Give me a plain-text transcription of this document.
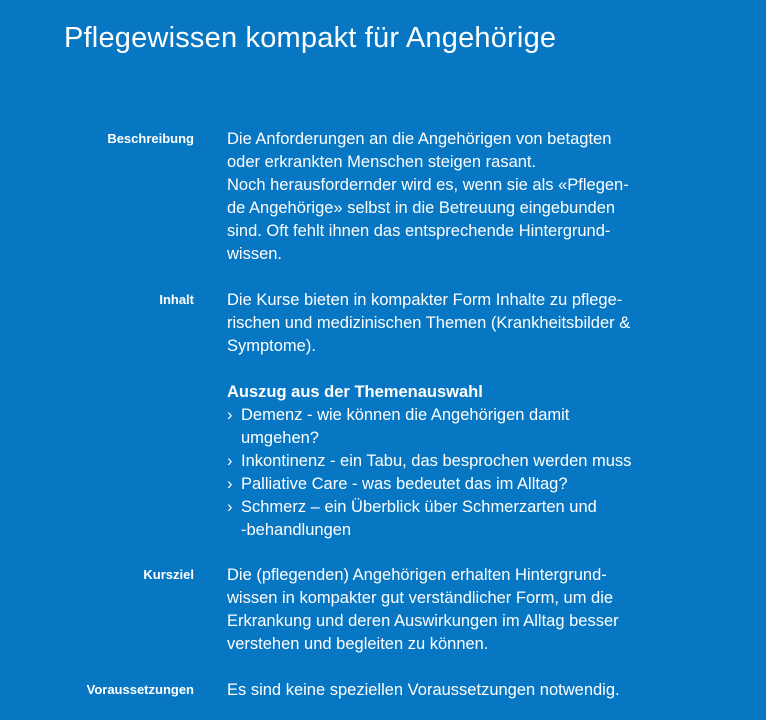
Pflegewissen kompakt für Angehörige
Beschreibung Die Anforderungen an die Angehörigen von betagten
oder erkrankten Menschen steigen rasant.
Noch herausfordernder wird es, wenn sie als «Pflegen-
de Angehörige» selbst in die Betreuung eingebunden
sind. Oft fehlt ihnen das entsprechende Hintergrund-
wissen.
Inhalt Die Kurse bieten in kompakter Form Inhalte zu pflege-
rischen und medizinischen Themen (Krankheitsbilder &
Symptome).
Auszug aus der Themenauswahl
› Demenz - wie können die Angehörigen damit
umgehen?
› Inkontinenz - ein Tabu, das besprochen werden muss
› Palliative Care - was bedeutet das im Alltag?
› Schmerz – ein Überblick über Schmerzarten und
-behandlungen
Kursziel Die (pflegenden) Angehörigen erhalten Hintergrund-
wissen in kompakter gut verständlicher Form, um die
Erkrankung und deren Auswirkungen im Alltag besser
verstehen und begleiten zu können.
Voraussetzungen Es sind keine speziellen Voraussetzungen notwendig.
